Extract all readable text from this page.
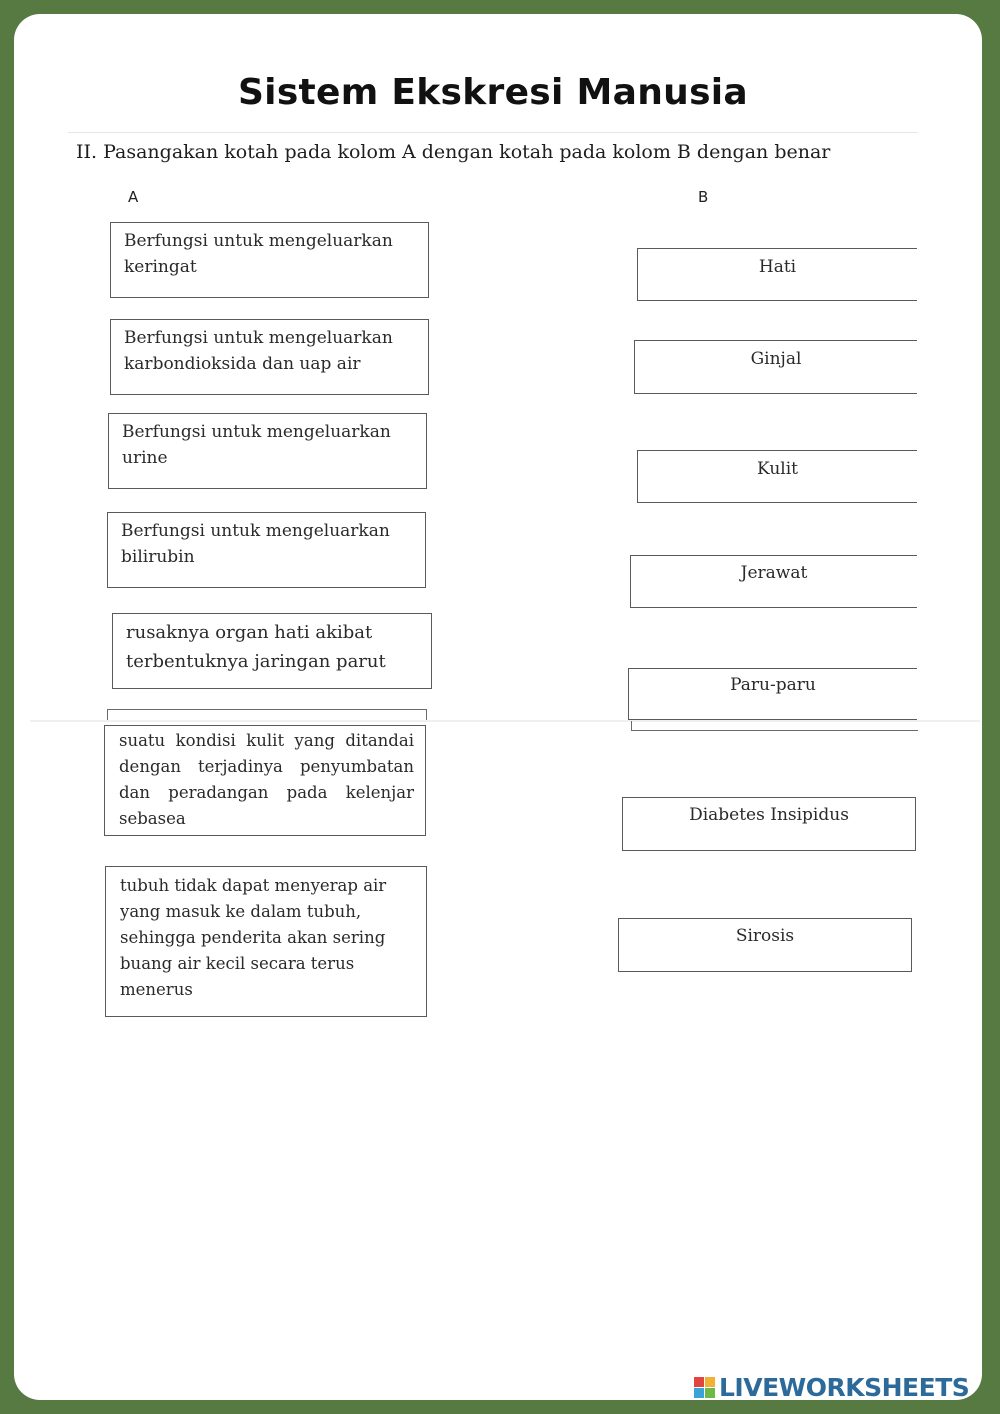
Sistem Ekskresi Manusia
II. Pasangakan kotah pada kolom A dengan kotah pada kolom B dengan benar
A	B
Berfungsi untuk mengeluarkan keringat
Berfungsi untuk mengeluarkan karbondioksida dan uap air
Berfungsi untuk mengeluarkan urine
Berfungsi untuk mengeluarkan bilirubin
rusaknya organ hati akibat terbentuknya jaringan parut
suatu kondisi kulit yang ditandai dengan terjadinya penyumbatan dan peradangan pada kelenjar sebasea
tubuh tidak dapat menyerap air yang masuk ke dalam tubuh, sehingga penderita akan sering buang air kecil secara terus menerus
Hati
Ginjal
Kulit
Jerawat
Paru-paru
Diabetes Insipidus
Sirosis
LIVEWORKSHEETS
